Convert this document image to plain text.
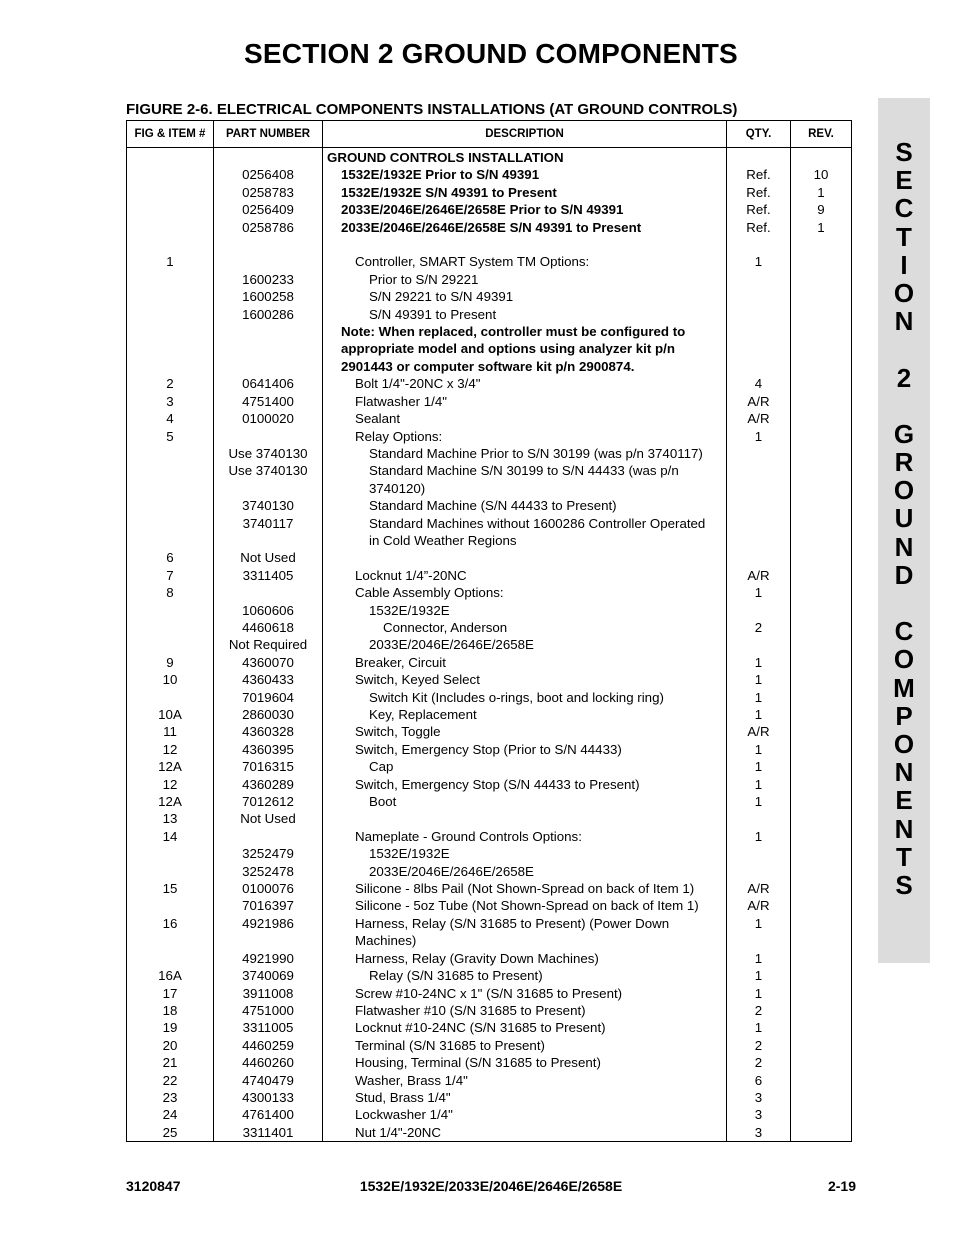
SECTION 2 GROUND COMPONENTS
FIGURE 2-6. ELECTRICAL COMPONENTS INSTALLATIONS (AT GROUND CONTROLS)
S
E
C
T
I
O
N
2
G
R
O
U
N
D
C
O
M
P
O
N
E
N
T
S
FIG & ITEM #	PART NUMBER	DESCRIPTION	QTY.	REV.
		GROUND CONTROLS INSTALLATION		
	0256408	1532E/1932E Prior to S/N 49391	Ref.	10
	0258783	1532E/1932E S/N 49391 to Present	Ref.	1
	0256409	2033E/2046E/2646E/2658E Prior to S/N 49391	Ref.	9
	0258786	2033E/2046E/2646E/2658E S/N 49391 to Present	Ref.	1

1		Controller, SMART System TM Options:	1	
	1600233	Prior to S/N 29221		
	1600258	S/N 29221 to S/N 49391		
	1600286	S/N 49391 to Present		
		Note: When replaced, controller must be configured to		
		appropriate model and options using analyzer kit p/n		
		2901443 or computer software kit p/n 2900874.		
2	0641406	Bolt 1/4"-20NC x 3/4"	4	
3	4751400	Flatwasher 1/4"	A/R	
4	0100020	Sealant	A/R	
5		Relay Options:	1	
	Use 3740130	Standard Machine Prior to S/N 30199 (was p/n 3740117)		
	Use 3740130	Standard Machine S/N 30199 to S/N 44433 (was p/n		
		3740120)		
	3740130	Standard Machine (S/N 44433 to Present)		
	3740117	Standard Machines without 1600286 Controller Operated		
		in Cold Weather Regions		
6	Not Used			
7	3311405	Locknut 1/4”-20NC	A/R	
8		Cable Assembly Options:	1	
	1060606	1532E/1932E		
	4460618	Connector, Anderson	2	
	Not Required	2033E/2046E/2646E/2658E		
9	4360070	Breaker, Circuit	1	
10	4360433	Switch, Keyed Select	1	
	7019604	Switch Kit (Includes o-rings, boot and locking ring)	1	
10A	2860030	Key, Replacement	1	
11	4360328	Switch, Toggle	A/R	
12	4360395	Switch, Emergency Stop (Prior to S/N 44433)	1	
12A	7016315	Cap	1	
12	4360289	Switch, Emergency Stop (S/N 44433 to Present)	1	
12A	7012612	Boot	1	
13	Not Used			
14		Nameplate - Ground Controls Options:	1	
	3252479	1532E/1932E		
	3252478	2033E/2046E/2646E/2658E		
15	0100076	Silicone - 8lbs Pail (Not Shown-Spread on back of Item 1)	A/R	
	7016397	Silicone - 5oz Tube (Not Shown-Spread on back of Item 1)	A/R	
16	4921986	Harness, Relay (S/N 31685 to Present) (Power Down	1	
		Machines)		
	4921990	Harness, Relay (Gravity Down Machines)	1	
16A	3740069	Relay (S/N 31685 to Present)	1	
17	3911008	Screw #10-24NC x 1" (S/N 31685 to Present)	1	
18	4751000	Flatwasher #10 (S/N 31685 to Present)	2	
19	3311005	Locknut #10-24NC (S/N 31685 to Present)	1	
20	4460259	Terminal (S/N 31685 to Present)	2	
21	4460260	Housing, Terminal (S/N 31685 to Present)	2	
22	4740479	Washer, Brass 1/4"	6	
23	4300133	Stud, Brass 1/4"	3	
24	4761400	Lockwasher 1/4"	3	
25	3311401	Nut 1/4"-20NC	3	
3120847	1532E/1932E/2033E/2046E/2646E/2658E	2-19
